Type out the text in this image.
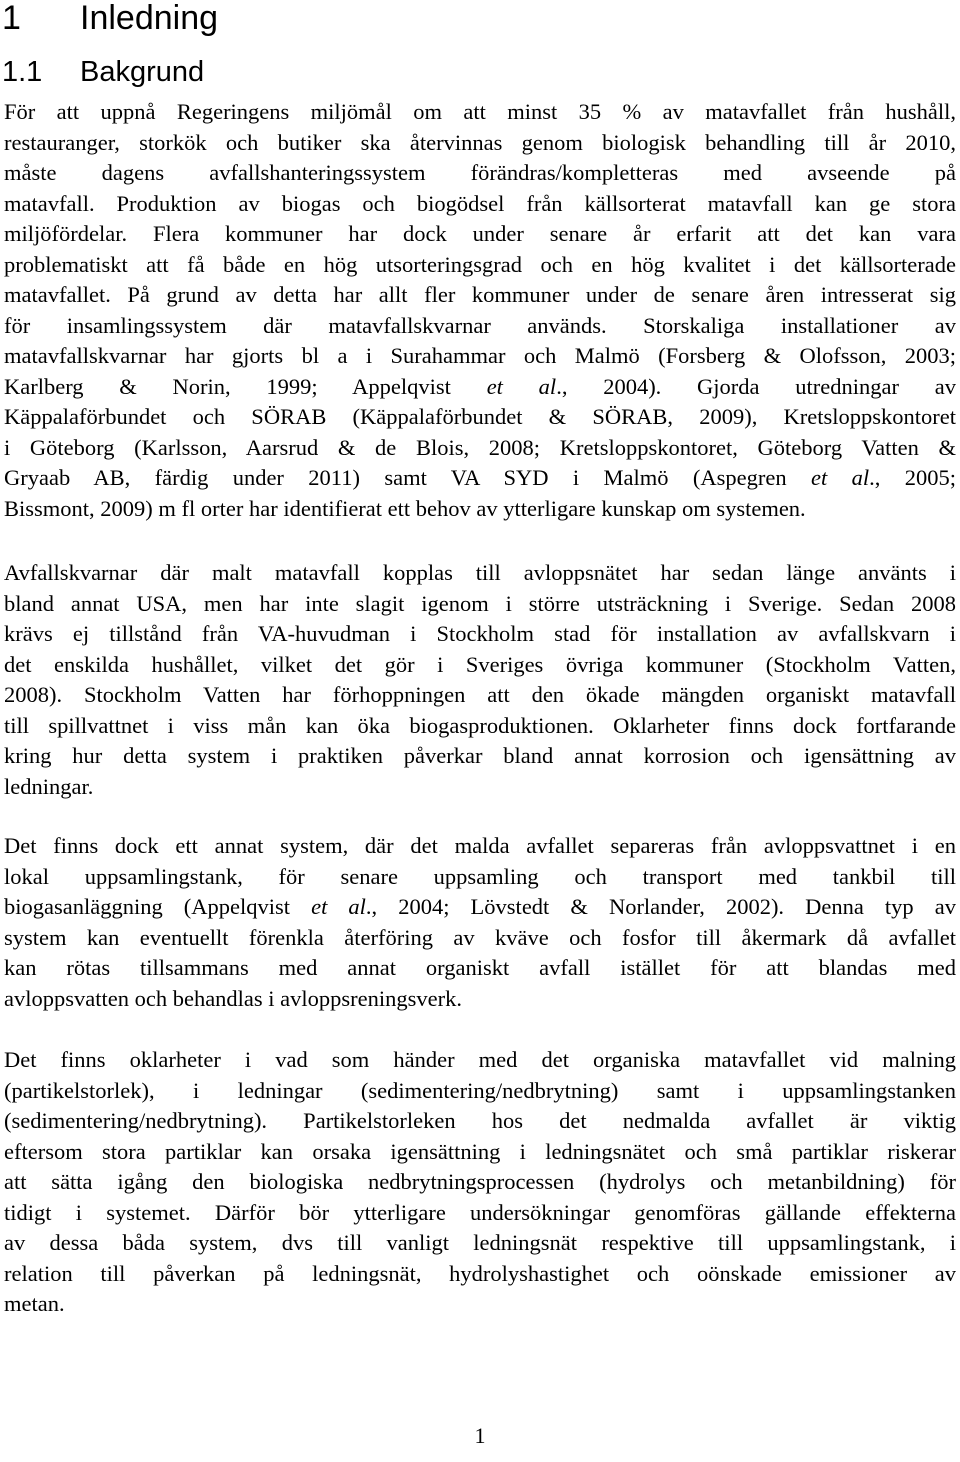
1 Inledning
1.1 Bakgrund
För att uppnå Regeringens miljömål om att minst 35 % av matavfallet från hushåll,
restauranger, storkök och butiker ska återvinnas genom biologisk behandling till år 2010,
måste dagens avfallshanteringssystem förändras/kompletteras med avseende på
matavfall. Produktion av biogas och biogödsel från källsorterat matavfall kan ge stora
miljöfördelar. Flera kommuner har dock under senare år erfarit att det kan vara
problematiskt att få både en hög utsorteringsgrad och en hög kvalitet i det källsorterade
matavfallet. På grund av detta har allt fler kommuner under de senare åren intresserat sig
för insamlingssystem där matavfallskvarnar används. Storskaliga installationer av
matavfallskvarnar har gjorts bl a i Surahammar och Malmö (Forsberg & Olofsson, 2003;
Karlberg & Norin, 1999; Appelqvist et al., 2004). Gjorda utredningar av
Käppalaförbundet och SÖRAB (Käppalaförbundet & SÖRAB, 2009), Kretsloppskontoret
i Göteborg (Karlsson, Aarsrud & de Blois, 2008; Kretsloppskontoret, Göteborg Vatten &
Gryaab AB, färdig under 2011) samt VA SYD i Malmö (Aspegren et al., 2005;
Bissmont, 2009) m fl orter har identifierat ett behov av ytterligare kunskap om systemen.
Avfallskvarnar där malt matavfall kopplas till avloppsnätet har sedan länge använts i
bland annat USA, men har inte slagit igenom i större utsträckning i Sverige. Sedan 2008
krävs ej tillstånd från VA-huvudman i Stockholm stad för installation av avfallskvarn i
det enskilda hushållet, vilket det gör i Sveriges övriga kommuner (Stockholm Vatten,
2008). Stockholm Vatten har förhoppningen att den ökade mängden organiskt matavfall
till spillvattnet i viss mån kan öka biogasproduktionen. Oklarheter finns dock fortfarande
kring hur detta system i praktiken påverkar bland annat korrosion och igensättning av
ledningar.
Det finns dock ett annat system, där det malda avfallet separeras från avloppsvattnet i en
lokal uppsamlingstank, för senare uppsamling och transport med tankbil till
biogasanläggning (Appelqvist et al., 2004; Lövstedt & Norlander, 2002). Denna typ av
system kan eventuellt förenkla återföring av kväve och fosfor till åkermark då avfallet
kan rötas tillsammans med annat organiskt avfall istället för att blandas med
avloppsvatten och behandlas i avloppsreningsverk.
Det finns oklarheter i vad som händer med det organiska matavfallet vid malning
(partikelstorlek), i ledningar (sedimentering/nedbrytning) samt i uppsamlingstanken
(sedimentering/nedbrytning). Partikelstorleken hos det nedmalda avfallet är viktig
eftersom stora partiklar kan orsaka igensättning i ledningsnätet och små partiklar riskerar
att sätta igång den biologiska nedbrytningsprocessen (hydrolys och metanbildning) för
tidigt i systemet. Därför bör ytterligare undersökningar genomföras gällande effekterna
av dessa båda system, dvs till vanligt ledningsnät respektive till uppsamlingstank, i
relation till påverkan på ledningsnät, hydrolyshastighet och oönskade emissioner av
metan.
1
